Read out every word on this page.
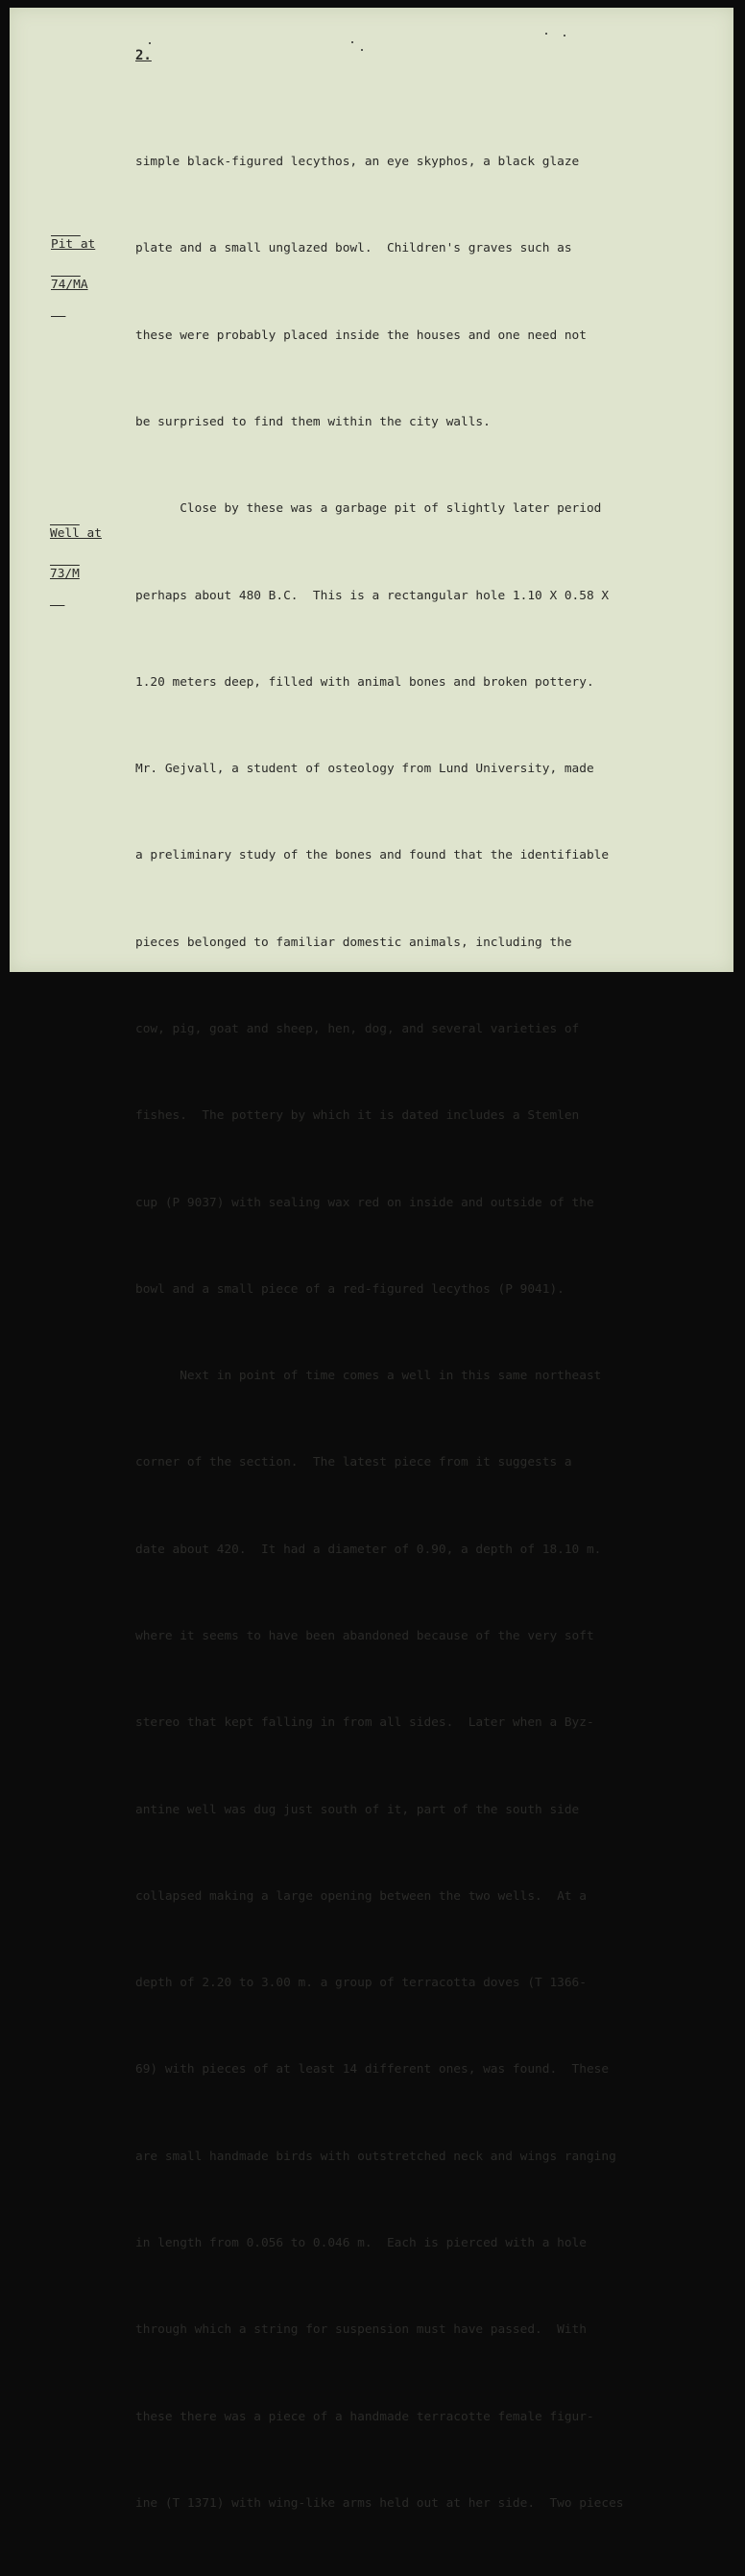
2.

Pit at

74/MA

Well at

73/M

simple black-figured lecythos, an eye skyphos, a black glaze

plate and a small unglazed bowl.  Children's graves such as

these were probably placed inside the houses and one need not

be surprised to find them within the city walls.

Close by these was a garbage pit of slightly later period

perhaps about 480 B.C.  This is a rectangular hole 1.10 X 0.58 X

1.20 meters deep, filled with animal bones and broken pottery.

Mr. Gejvall, a student of osteology from Lund University, made

a preliminary study of the bones and found that the identifiable

pieces belonged to familiar domestic animals, including the

cow, pig, goat and sheep, hen, dog, and several varieties of

fishes.  The pottery by which it is dated includes a Stemlen

cup (P 9037) with sealing wax red on inside and outside of the

bowl and a small piece of a red-figured lecythos (P 9041).

Next in point of time comes a well in this same northeast

corner of the section.  The latest piece from it suggests a

date about 420.  It had a diameter of 0.90, a depth of 18.10 m.

where it seems to have been abandoned because of the very soft

stereo that kept falling in from all sides.  Later when a Byz-

antine well was dug just south of it, part of the south side

collapsed making a large opening between the two wells.  At a

depth of 2.20 to 3.00 m. a group of terracotta doves (T 1366-

69) with pieces of at least 14 different ones, was found.  These

are small handmade birds with outstretched neck and wings ranging

in length from 0.056 to 0.046 m.  Each is pierced with a hole

through which a string for suspension must have passed.  With

these there was a piece of a handmade terracotte female figur-

ine (T 1371) with wing-like arms held out at her side.  Two pieces
